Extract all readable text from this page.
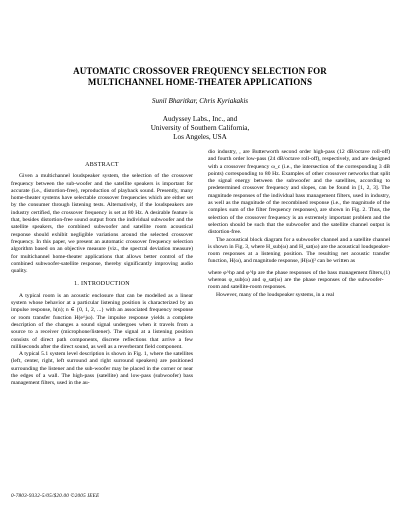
AUTOMATIC CROSSOVER FREQUENCY SELECTION FOR
MULTICHANNEL HOME-THEATER APPLICATIONS
Sunil Bharitkar, Chris Kyriakakis
Audyssey Labs., Inc., and
University of Southern California,
Los Angeles, USA

ABSTRACT

Given a multichannel loudspeaker system, the selection of the crossover frequency between the sub-woofer and the satellite speakers is important for accurate (i.e., distortion-free), reproduction of playback sound. Presently, many home-theater systems have selectable crossover frequencies which are either set by the consumer through listening tests. Alternatively, if the loudspeakers are industry certified, the crossover frequency is set at 80 Hz. A desirable feature is that, besides distortion-free sound output from the individual subwoofer and the satellite speakers, the combined subwoofer and satellite room acoustical response should exhibit negligible variations around the selected crossover frequency. In this paper, we present an automatic crossover frequency selection algorithm based on an objective measure (viz., the spectral deviation measure) for multichannel home-theater applications that allows better control of the combined subwoofer-satellite response, thereby significantly improving audio quality.

1. INTRODUCTION

A typical room is an acoustic enclosure that can be modelled as a linear system whose behavior at a particular listening position is characterized by an impulse response, h(n); n ∈ {0, 1, 2, ...} with an associated frequency response or room transfer function H(e^jω). The impulse response yields a complete description of the changes a sound signal undergoes when it travels from a source to a receiver (microphone/listener). The signal at a listening position consists of direct path components, discrete reflections that arrive a few milliseconds after the direct sound, as well as a reverberant field component.

A typical 5.1 system level description is shown in Fig. 1, where the satellites (left, center, right, left surround and right surround speakers) are positioned surrounding the listener and the sub-woofer may be placed in the corner or near the edges of a wall. The high-pass (satellite) and low-pass (subwoofer) bass management filters, used in the au-

dio industry, , are Butterworth second order high-pass (12 dB/octave roll-off) and fourth order low-pass (24 dB/octave roll-off), respectively, and are designed with a crossover frequency ω_c (i.e., the intersection of the corresponding 3 dB points) corresponding to 80 Hz. Examples of other crossover networks that split the signal energy between the subwoofer and the satellites, according to predetermined crossover frequency and slopes, can be found in [1, 2, 3]. The magnitude responses of the individual bass management filters, used in industry, as well as the magnitude of the recombined response (i.e., the magnitude of the complex sum of the filter frequency responses), are shown in Fig. 2. Thus, the selection of the crossover frequency is an extremely important problem and the selection should be such that the subwoofer and the satellite channel output is distortion-free.

The acoustical block diagram for a subwoofer channel and a satellite channel is shown in Fig. 3, where H_sub(ω) and H_sat(ω) are the acoustical loudspeaker-room responses at a listening position. The resulting net acoustic transfer function, H(ω), and magnitude response, |H(ω)|² can be written as

(1)

where φ^hp and φ^lp are the phase responses of the bass management filters, whereas φ_sub(ω) and φ_sat(ω) are the phase responses of the subwoofer-room and satellite-room responses.

However, many of the loudspeaker systems, in a real

0-7803-9332-5/05/$20.00 ©2005 IEEE
